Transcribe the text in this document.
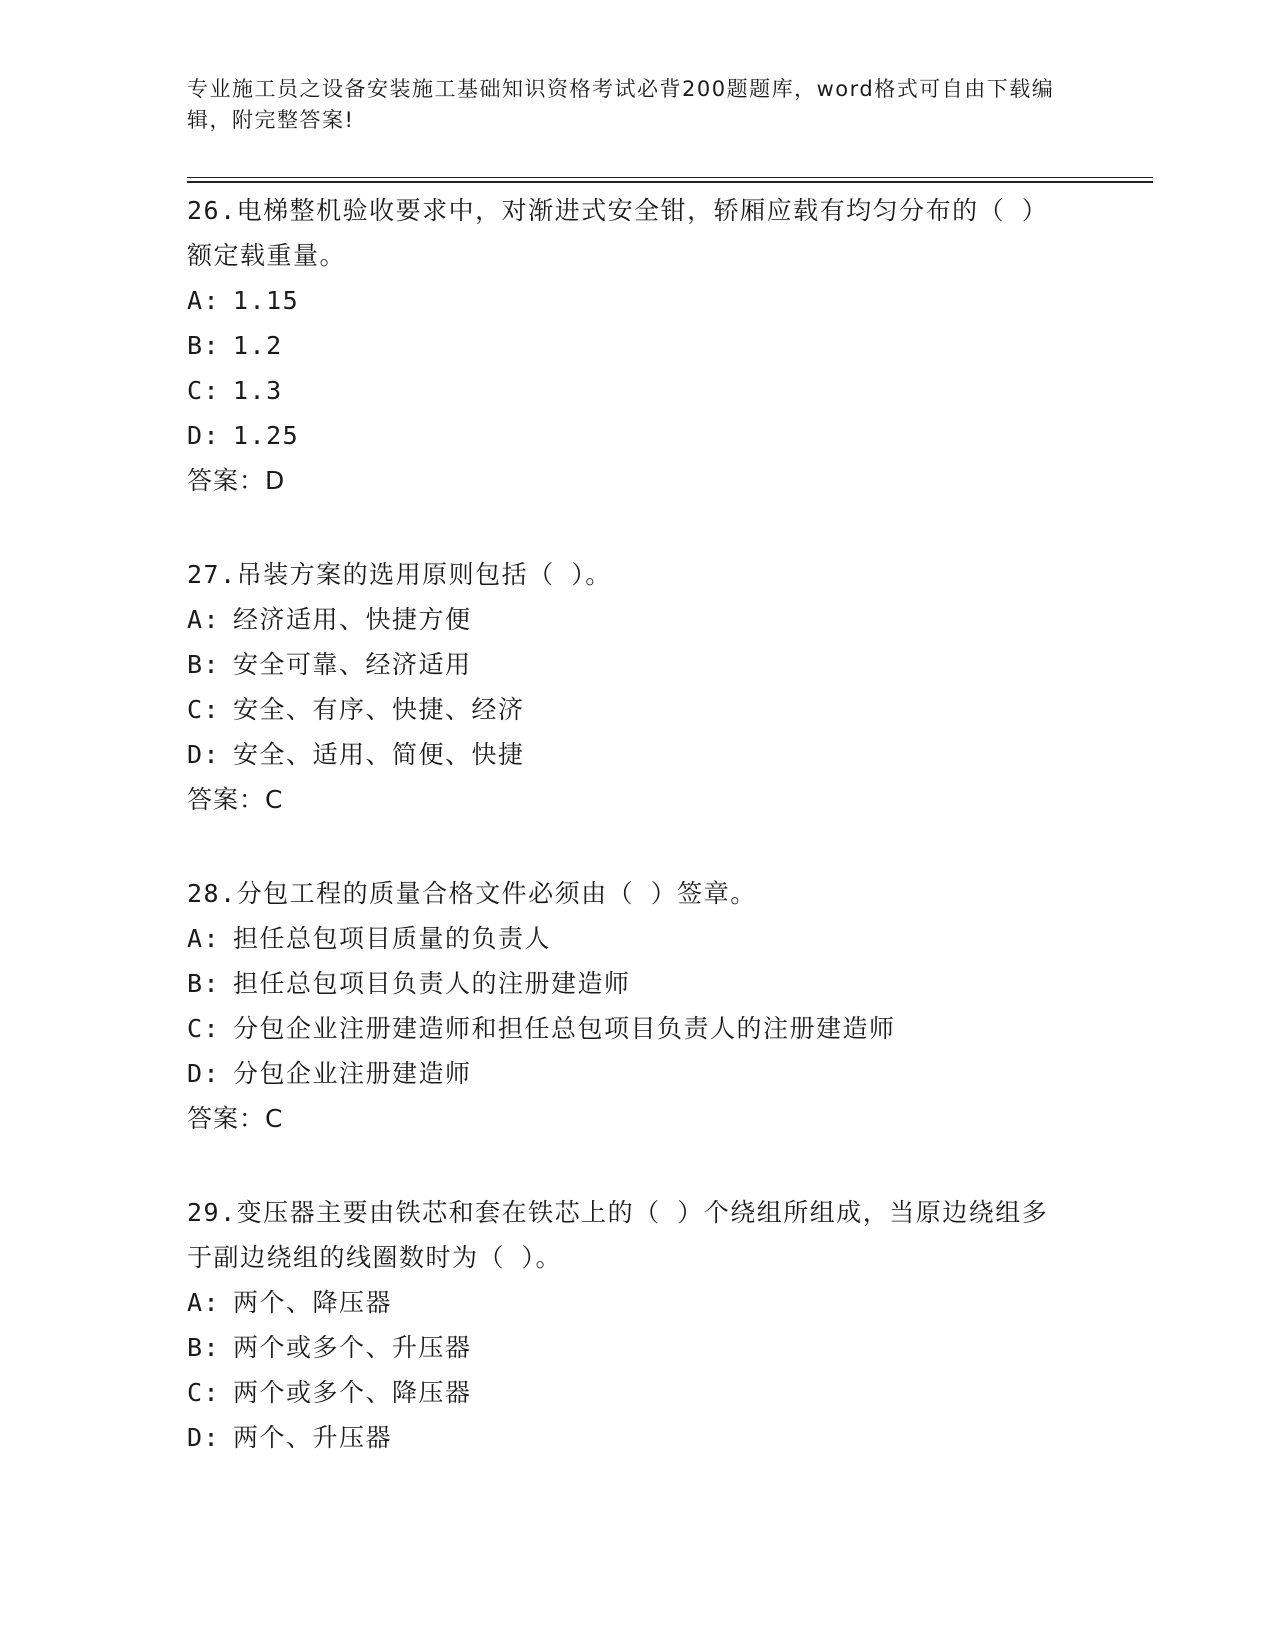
专业施工员之设备安装施工基础知识资格考试必背200题题库，word格式可自由下载编辑，附完整答案!

26.电梯整机验收要求中，对渐进式安全钳，轿厢应载有均匀分布的（ ）额定载重量。

A: 1.15

B: 1.2

C: 1.3

D: 1.25

答案：D

27.吊装方案的选用原则包括（ ）。

A: 经济适用、快捷方便

B: 安全可靠、经济适用

C: 安全、有序、快捷、经济

D: 安全、适用、简便、快捷

答案：C

28.分包工程的质量合格文件必须由（ ）签章。

A: 担任总包项目质量的负责人

B: 担任总包项目负责人的注册建造师

C: 分包企业注册建造师和担任总包项目负责人的注册建造师

D: 分包企业注册建造师

答案：C

29.变压器主要由铁芯和套在铁芯上的（ ）个绕组所组成，当原边绕组多于副边绕组的线圈数时为（ ）。

A: 两个、降压器

B: 两个或多个、升压器

C: 两个或多个、降压器

D: 两个、升压器
